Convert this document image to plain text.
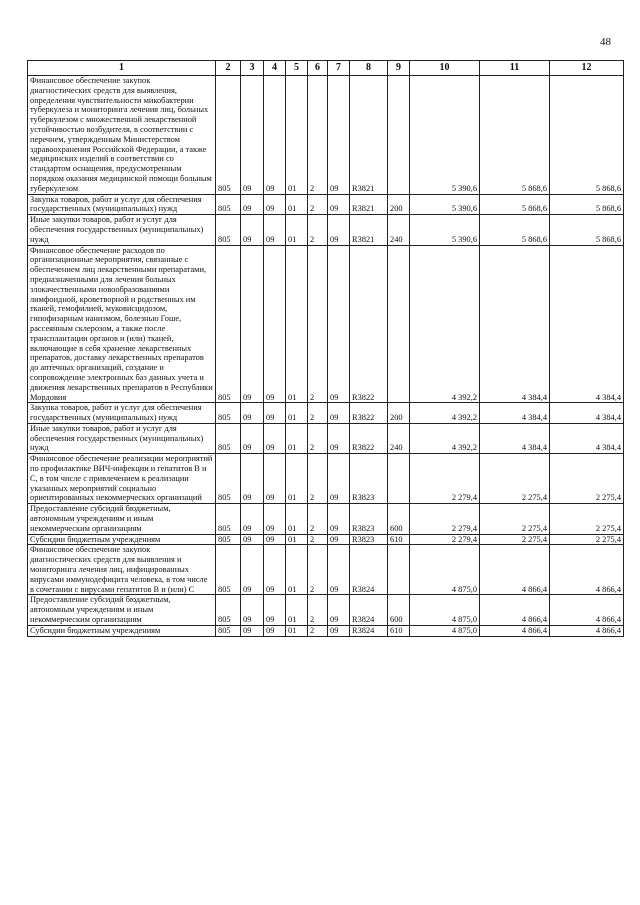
48
1	2	3	4	5	6	7	8	9	10	11	12
Финансовое обеспечение закупок диагностических средств для выявления, определения чувствительности микобактерии туберкулеза и мониторинга лечения лиц, больных туберкулезом с множественной лекарственной устойчивостью возбудителя, в соответствии с перечнем, утвержденным Министерством здравоохранения Российской Федерации, а также медицинских изделий в соответствии со стандартом оснащения, предусмотренным порядком оказания медицинской помощи больным туберкулезом	805	09	09	01	2	09	R3821		5 390,6	5 868,6	5 868,6
Закупка товаров, работ и услуг для обеспечения государственных (муниципальных) нужд	805	09	09	01	2	09	R3821	200	5 390,6	5 868,6	5 868,6
Иные закупки товаров, работ и услуг для обеспечения государственных (муниципальных) нужд	805	09	09	01	2	09	R3821	240	5 390,6	5 868,6	5 868,6
Финансовое обеспечение расходов по организационные мероприятия, связанные с обеспечением лиц лекарственными препаратами, предназначенными для лечения больных злокачественными новообразованиями лимфоидной, кроветворной и родственных им тканей, гемофилией, муковисцидозом, гипофизарным нанизмом, болезнью Гоше, рассеянным склерозом, а также после трансплантации органов и (или) тканей, включающие в себя хранение лекарственных препаратов, доставку лекарственных препаратов до аптечных организаций, создание и сопровождение электронных баз данных учета и движения лекарственных препаратов в Республики Мордовия	805	09	09	01	2	09	R3822		4 392,2	4 384,4	4 384,4
Закупка товаров, работ и услуг для обеспечения государственных (муниципальных) нужд	805	09	09	01	2	09	R3822	200	4 392,2	4 384,4	4 384,4
Иные закупки товаров, работ и услуг для обеспечения государственных (муниципальных) нужд	805	09	09	01	2	09	R3822	240	4 392,2	4 384,4	4 384,4
Финансовое обеспечение реализации мероприятий по профилактике ВИЧ-инфекции и гепатитов В и С, в том числе с привлечением к реализации указанных мероприятий социально ориентированных некоммерческих организаций	805	09	09	01	2	09	R3823		2 279,4	2 275,4	2 275,4
Предоставление субсидий бюджетным, автономным учреждениям и иным некоммерческим организациям	805	09	09	01	2	09	R3823	600	2 279,4	2 275,4	2 275,4
Субсидии бюджетным учреждениям	805	09	09	01	2	09	R3823	610	2 279,4	2 275,4	2 275,4
Финансовое обеспечение закупок диагностических средств для выявления и мониторинга лечения лиц, инфицированных вирусами иммунодефицита человека, в том числе в сочетании с вирусами гепатитов В и (или) С	805	09	09	01	2	09	R3824		4 875,0	4 866,4	4 866,4
Предоставление субсидий бюджетным, автономным учреждениям и иным некоммерческим организациям	805	09	09	01	2	09	R3824	600	4 875,0	4 866,4	4 866,4
Субсидии бюджетным учреждениям	805	09	09	01	2	09	R3824	610	4 875,0	4 866,4	4 866,4
